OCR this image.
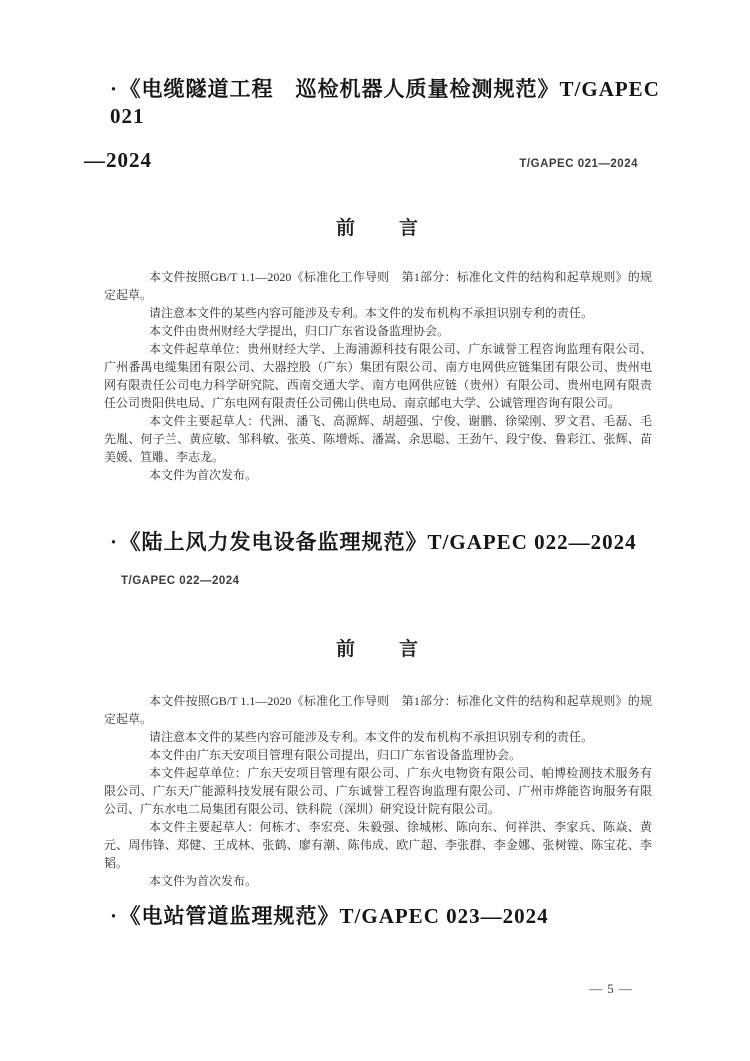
· 《电缆隧道工程　巡检机器人质量检测规范》T/GAPEC 021
—2024	T/GAPEC 021—2024
前　　言

本文件按照GB/T 1.1—2020《标准化工作导则　第1部分：标准化文件的结构和起草规则》的规定起草。

请注意本文件的某些内容可能涉及专利。本文件的发布机构不承担识别专利的责任。

本文件由贵州财经大学提出，归口广东省设备监理协会。

本文件起草单位：贵州财经大学、上海浦源科技有限公司、广东诚誉工程咨询监理有限公司、广州番禺电缆集团有限公司、大器控股（广东）集团有限公司、南方电网供应链集团有限公司、贵州电网有限责任公司电力科学研究院、西南交通大学、南方电网供应链（贵州）有限公司、贵州电网有限责任公司贵阳供电局、广东电网有限责任公司佛山供电局、南京邮电大学、公诚管理咨询有限公司。

本文件主要起草人：代洲、潘飞、高源辉、胡超强、宁俊、谢鹏、徐梁刚、罗文君、毛磊、毛先胤、何子兰、黄应敏、邹科敏、张英、陈增烁、潘嵩、余思聪、王劲午、段宁俊、鲁彩江、张辉、苗美媛、笪雕、李志龙。

本文件为首次发布。

· 《陆上风力发电设备监理规范》T/GAPEC 022—2024
T/GAPEC 022—2024
前　　言

本文件按照GB/T 1.1—2020《标准化工作导则　第1部分：标准化文件的结构和起草规则》的规定起草。

请注意本文件的某些内容可能涉及专利。本文件的发布机构不承担识别专利的责任。

本文件由广东天安项目管理有限公司提出，归口广东省设备监理协会。

本文件起草单位：广东天安项目管理有限公司、广东火电物资有限公司、帕博检测技术服务有限公司、广东天广能源科技发展有限公司、广东诚誉工程咨询监理有限公司、广州市烨能咨询服务有限公司、广东水电二局集团有限公司、铁科院（深圳）研究设计院有限公司。

本文件主要起草人：何栋才、李宏亮、朱毅强、徐城彬、陈向东、何祥洪、李家兵、陈焱、黄元、周伟锋、郑健、王成林、张鹤、廖有潮、陈伟成、欧广超、李张群、李金娜、张树镗、陈宝花、李韬。

本文件为首次发布。

· 《电站管道监理规范》T/GAPEC 023—2024
— 5 —
